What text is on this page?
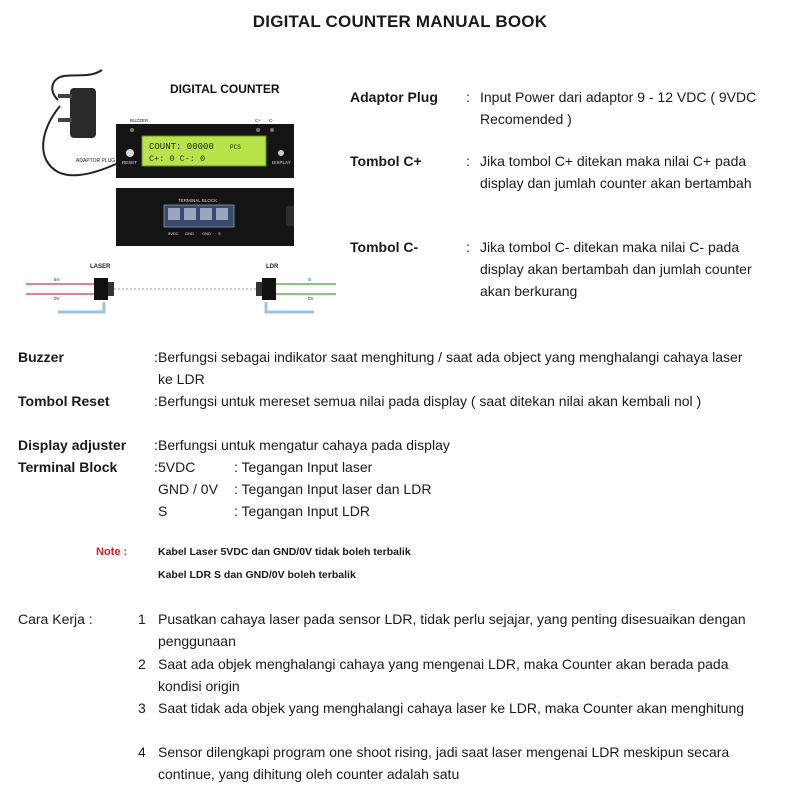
DIGITAL COUNTER MANUAL BOOK
ADAPTOR PLUG
DIGITAL COUNTER
BUZZER	C+ C-
RESET	DISPLAY
COUNT: 00000	PCS
C+: 0 C-: 0
TERMINAL BLOCK
5VDC GND GND S
LASER	LDR
5V
0V
S
0V
Adaptor Plug	: Input Power dari adaptor 9 - 12 VDC ( 9VDC Recomended )
Tombol C+	: Jika tombol C+ ditekan maka nilai C+ pada display dan jumlah counter akan bertambah
Tombol C-	: Jika tombol C- ditekan maka nilai C- pada display akan bertambah dan jumlah counter akan berkurang
Buzzer	: Berfungsi sebagai indikator saat menghitung / saat ada object yang menghalangi cahaya laser ke LDR
Tombol Reset	: Berfungsi untuk mereset semua nilai pada display ( saat ditekan nilai akan kembali nol )
Display adjuster	: Berfungsi untuk mengatur cahaya pada display
Terminal Block	: 5VDC	: Tegangan Input laser
GND / 0V	: Tegangan Input laser dan LDR
S	: Tegangan Input LDR
Note :	Kabel Laser 5VDC dan GND/0V tidak boleh terbalik
Kabel LDR S dan GND/0V boleh terbalik
Cara Kerja :	1 Pusatkan cahaya laser pada sensor LDR, tidak perlu sejajar, yang penting disesuaikan dengan penggunaan
2 Saat ada objek menghalangi cahaya yang mengenai LDR, maka Counter akan berada pada kondisi origin
3 Saat tidak ada objek yang menghalangi cahaya laser ke LDR, maka Counter akan menghitung
4 Sensor dilengkapi program one shoot rising, jadi saat laser mengenai LDR meskipun secara continue, yang dihitung oleh counter adalah satu
